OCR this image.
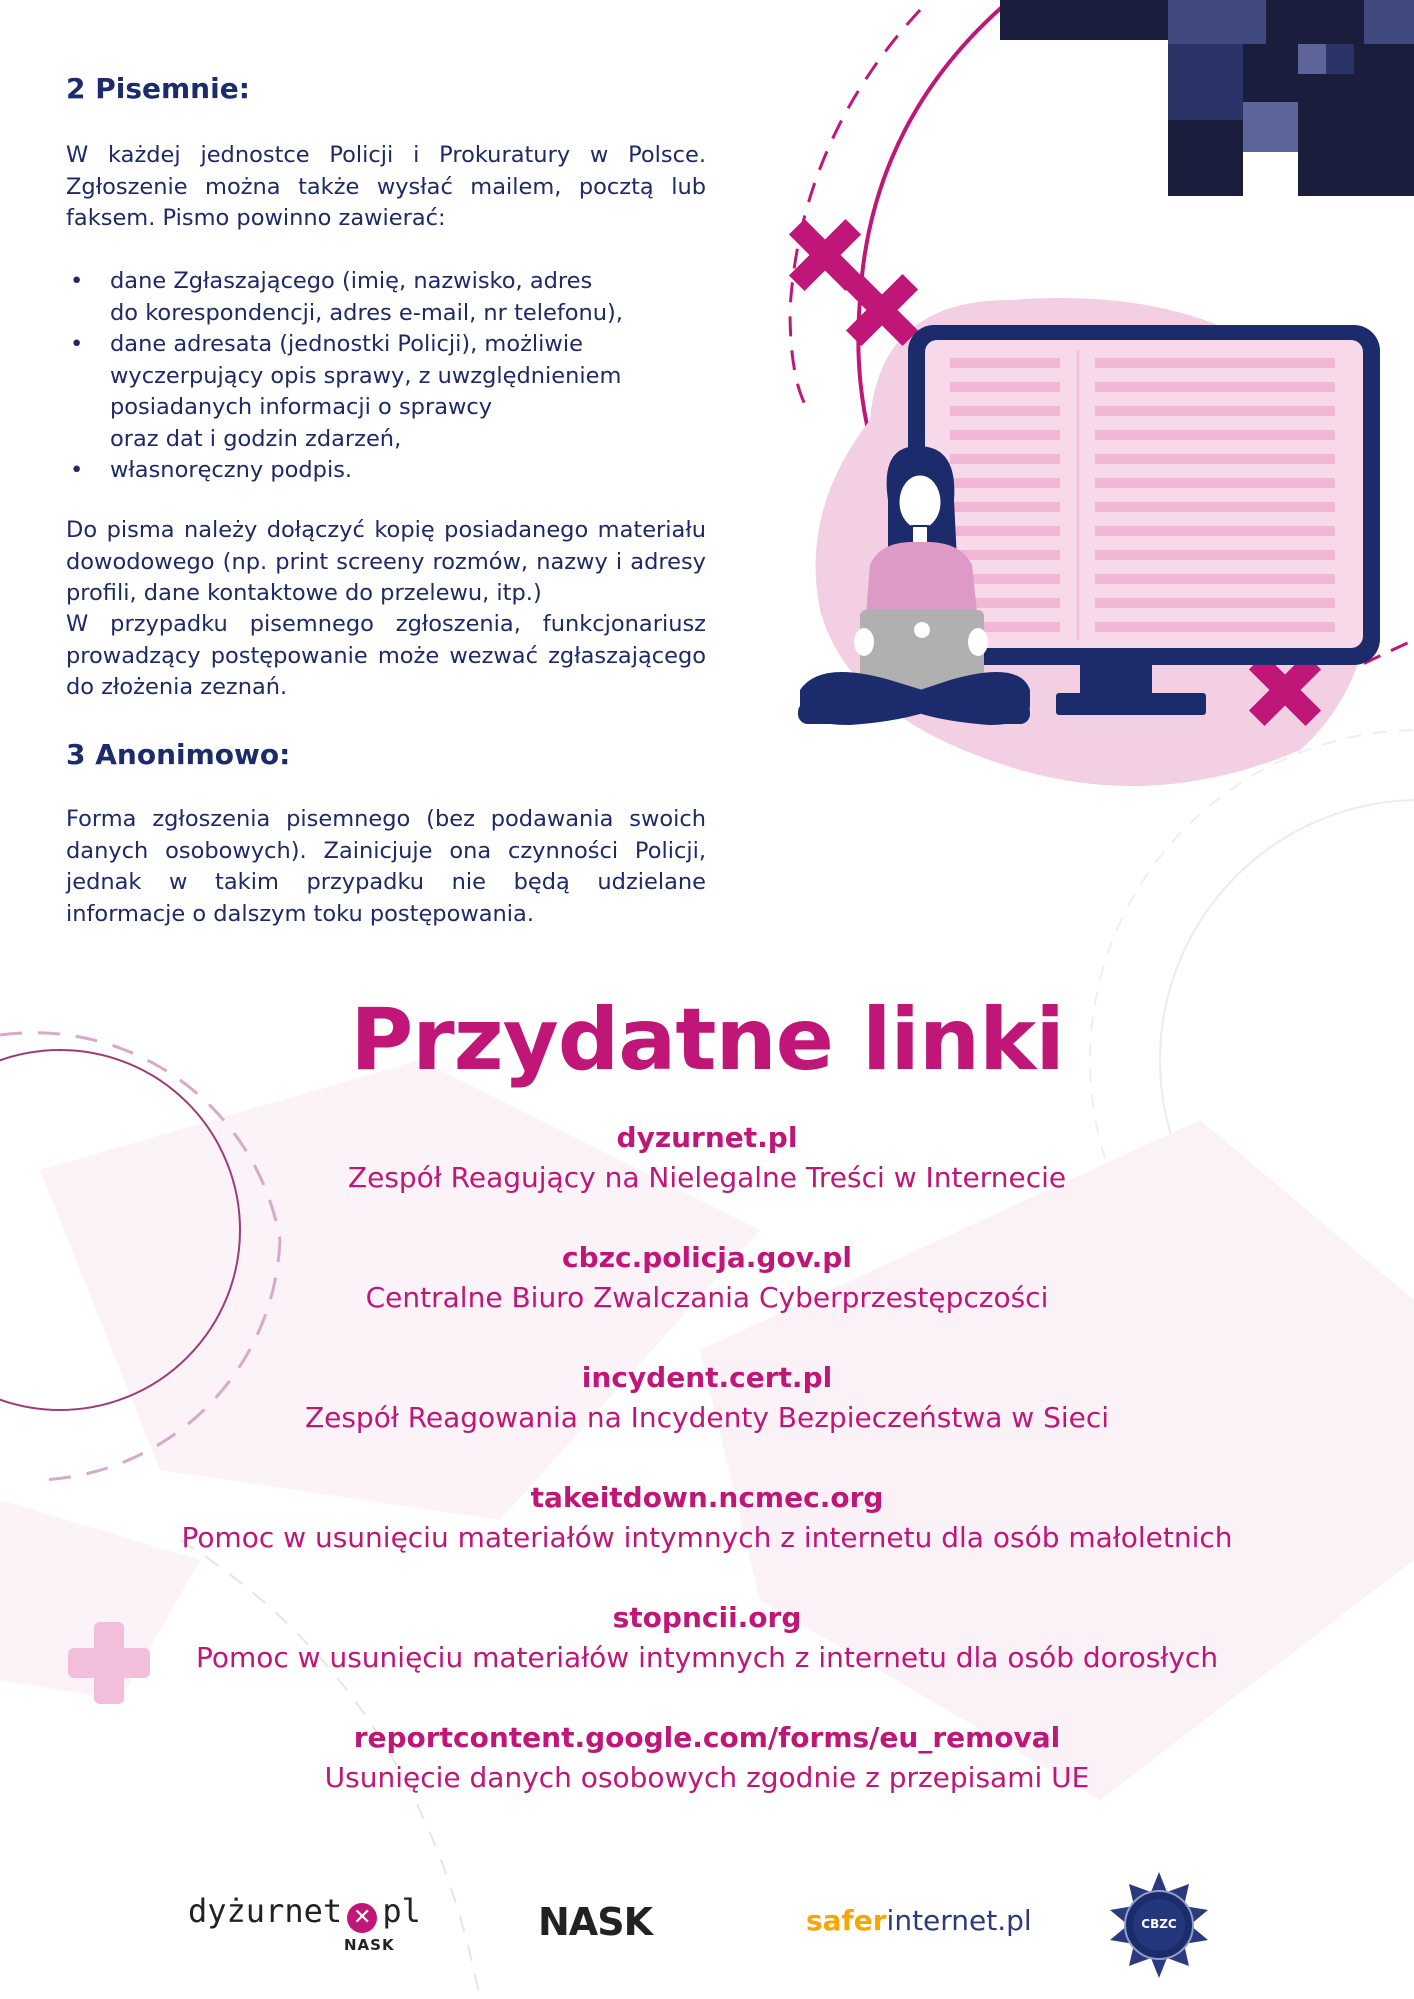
2 Pisemnie:

W każdej jednostce Policji i Prokuratury w Polsce. Zgłoszenie można także wysłać mailem, pocztą lub faksem. Pismo powinno zawierać:

• dane Zgłaszającego (imię, nazwisko, adres
do korespondencji, adres e-mail, nr telefonu),
• dane adresata (jednostki Policji), możliwie
wyczerpujący opis sprawy, z uwzględnieniem
posiadanych informacji o sprawcy
oraz dat i godzin zdarzeń,
• własnoręczny podpis.

Do pisma należy dołączyć kopię posiadanego materiału dowodowego (np. print screeny rozmów, nazwy i adresy profili, dane kontaktowe do przelewu, itp.)

W przypadku pisemnego zgłoszenia, funkcjonariusz prowadzący postępowanie może wezwać zgłaszającego do złożenia zeznań.

3 Anonimowo:

Forma zgłoszenia pisemnego (bez podawania swoich danych osobowych). Zainicjuje ona czynności Policji, jednak w takim przypadku nie będą udzielane informacje o dalszym toku postępowania.

Przydatne linki
dyzurnet.pl
Zespół Reagujący na Nielegalne Treści w Internecie
cbzc.policja.gov.pl
Centralne Biuro Zwalczania Cyberprzestępczości
incydent.cert.pl
Zespół Reagowania na Incydenty Bezpieczeństwa w Sieci
takeitdown.ncmec.org
Pomoc w usunięciu materiałów intymnych z internetu dla osób małoletnich
stopncii.org
Pomoc w usunięciu materiałów intymnych z internetu dla osób dorosłych
reportcontent.google.com/forms/eu_removal
Usunięcie danych osobowych zgodnie z przepisami UE
dyżurnet ✕ pl
NASK
NASK	saferinternet.pl	CBZC
